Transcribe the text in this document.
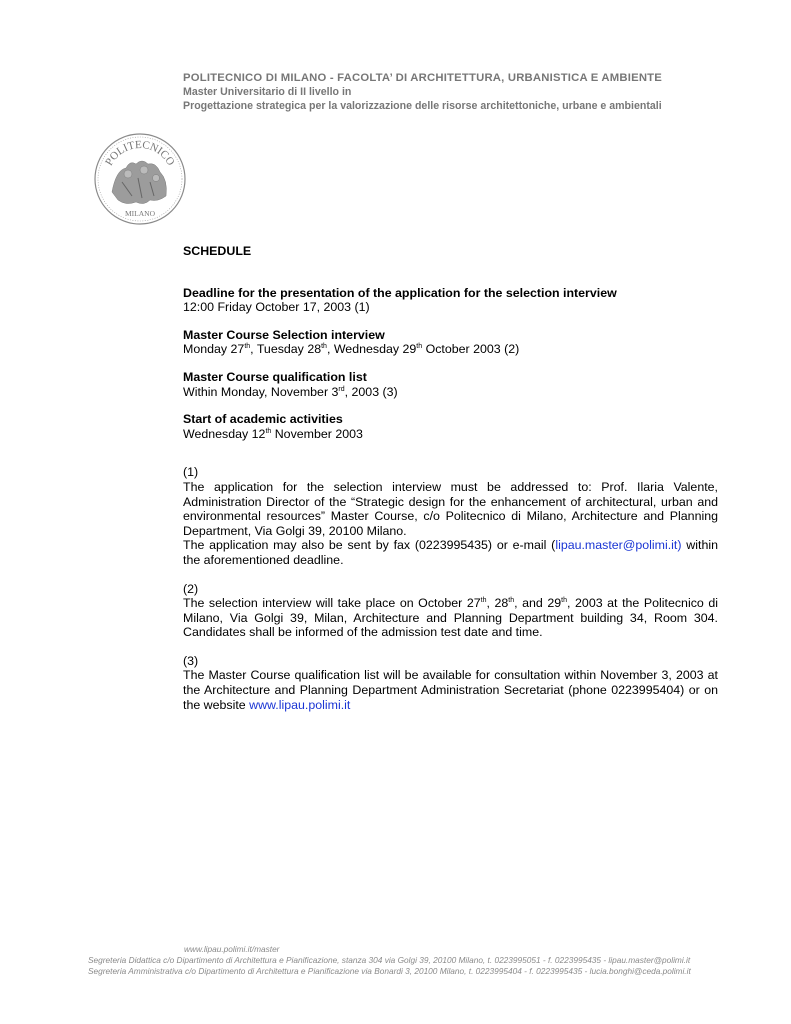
POLITECNICO DI MILANO - FACOLTA’ DI ARCHITETTURA, URBANISTICA E AMBIENTE
Master Universitario di II livello in
Progettazione strategica per la valorizzazione delle risorse architettoniche, urbane e ambientali
POLITECNICO
MILANO
SCHEDULE
Deadline for the presentation of the application for the selection interview
12:00 Friday October 17, 2003 (1)
Master Course Selection interview
Monday 27th, Tuesday 28th, Wednesday 29th October 2003 (2)
Master Course qualification list
Within Monday, November 3rd, 2003 (3)
Start of academic activities
Wednesday 12th November 2003

(1)

The application for the selection interview must be addressed to: Prof. Ilaria Valente, Administration Director of the “Strategic design for the enhancement of architectural, urban and environmental resources” Master Course, c/o Politecnico di Milano, Architecture and Planning Department, Via Golgi 39, 20100 Milano.

The application may also be sent by fax (0223995435) or e-mail (lipau.master@polimi.it) within the aforementioned deadline.

(2)

The selection interview will take place on October 27th, 28th, and 29th, 2003 at the Politecnico di Milano, Via Golgi 39, Milan, Architecture and Planning Department building 34, Room 304. Candidates shall be informed of the admission test date and time.

(3)

The Master Course qualification list will be available for consultation within November 3, 2003 at the Architecture and Planning Department Administration Secretariat (phone 0223995404) or on the website www.lipau.polimi.it

www.lipau.polimi.it/master
Segreteria Didattica c/o Dipartimento di Architettura e Pianificazione, stanza 304 via Golgi 39, 20100 Milano, t. 0223995051 - f. 0223995435 - lipau.master@polimi.it
Segreteria Amministrativa c/o Dipartimento di Architettura e Pianificazione via Bonardi 3, 20100 Milano, t. 0223995404 - f. 0223995435 - lucia.bonghi@ceda.polimi.it
